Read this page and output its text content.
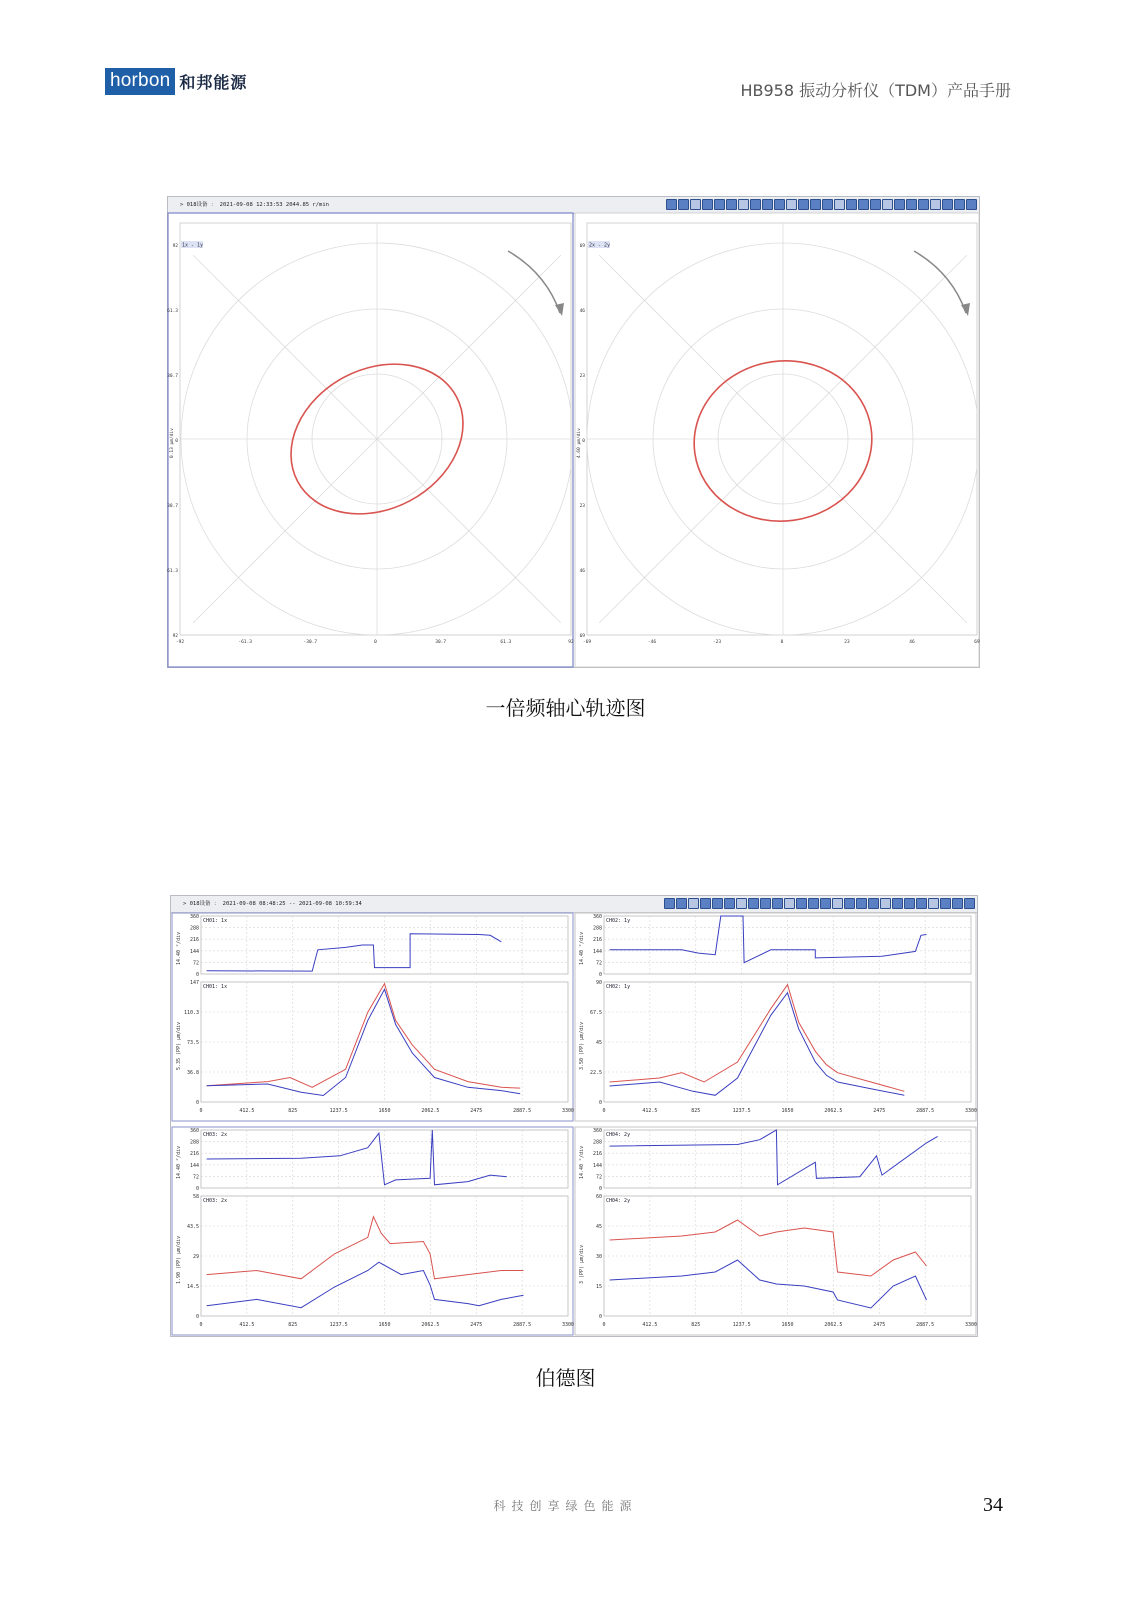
horbon 和邦能源	HB958 振动分析仪（TDM）产品手册
> 018设备 ： 2021-09-08 12:33:53 2044.85 r/min
1x - 1y
0.13 μm/div
2x - 2y
4.60 μm/div
92
61.3
30.7
0
30.7
61.3
92
-92	-61.3	-30.7	0	30.7	61.3	92
69
46
23
0
23
46
69
-69	-46	-23	0	23	46	69
一倍频轴心轨迹图
> 018设备 ： 2021-09-08 08:48:25 -- 2021-09-08 10:59:34
CH01: 1x
CH01: 1x
360
288
216
144
72
0
147
110.3
73.5
36.8
0
14.40 °/div
5.35 (PP) μm/div
0	412.5	825	1237.5	1650	2062.5	2475	2887.5	3300
CH02: 1y
CH02: 1y
360
288
216
144
72
0
90
67.5
45
22.5
0
14.40 °/div
3.50 (PP) μm/div
0	412.5	825	1237.5	1650	2062.5	2475	2887.5	3300
CH03: 2x
CH03: 2x
360
288
216
144
72
0
58
43.5
29
14.5
0
14.40 °/div
1.90 (PP) μm/div
0	412.5	825	1237.5	1650	2062.5	2475	2887.5	3300
CH04: 2y
CH04: 2y
360
288
216
144
72
0
60
45
30
15
0
14.40 °/div
3 (PP) μm/div
0	412.5	825	1237.5	1650	2062.5	2475	2887.5	3300
伯德图
科技创享绿色能源	34
